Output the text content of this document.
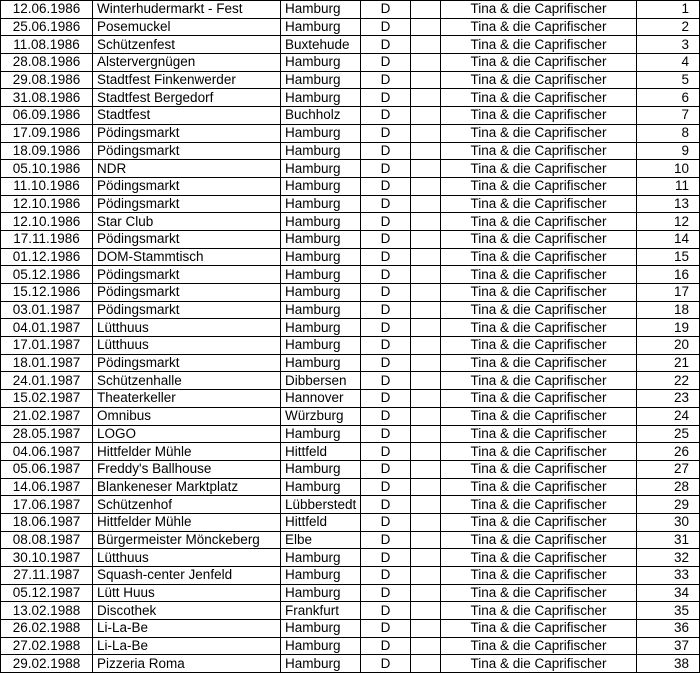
12.06.1986	Winterhudermarkt - Fest	Hamburg	D		Tina & die Caprifischer	1
25.06.1986	Posemuckel	Hamburg	D		Tina & die Caprifischer	2
11.08.1986	Schützenfest	Buxtehude	D		Tina & die Caprifischer	3
28.08.1986	Alstervergnügen	Hamburg	D		Tina & die Caprifischer	4
29.08.1986	Stadtfest Finkenwerder	Hamburg	D		Tina & die Caprifischer	5
31.08.1986	Stadtfest Bergedorf	Hamburg	D		Tina & die Caprifischer	6
06.09.1986	Stadtfest	Buchholz	D		Tina & die Caprifischer	7
17.09.1986	Pödingsmarkt	Hamburg	D		Tina & die Caprifischer	8
18.09.1986	Pödingsmarkt	Hamburg	D		Tina & die Caprifischer	9
05.10.1986	NDR	Hamburg	D		Tina & die Caprifischer	10
11.10.1986	Pödingsmarkt	Hamburg	D		Tina & die Caprifischer	11
12.10.1986	Pödingsmarkt	Hamburg	D		Tina & die Caprifischer	13
12.10.1986	Star Club	Hamburg	D		Tina & die Caprifischer	12
17.11.1986	Pödingsmarkt	Hamburg	D		Tina & die Caprifischer	14
01.12.1986	DOM-Stammtisch	Hamburg	D		Tina & die Caprifischer	15
05.12.1986	Pödingsmarkt	Hamburg	D		Tina & die Caprifischer	16
15.12.1986	Pödingsmarkt	Hamburg	D		Tina & die Caprifischer	17
03.01.1987	Pödingsmarkt	Hamburg	D		Tina & die Caprifischer	18
04.01.1987	Lütthuus	Hamburg	D		Tina & die Caprifischer	19
17.01.1987	Lütthuus	Hamburg	D		Tina & die Caprifischer	20
18.01.1987	Pödingsmarkt	Hamburg	D		Tina & die Caprifischer	21
24.01.1987	Schützenhalle	Dibbersen	D		Tina & die Caprifischer	22
15.02.1987	Theaterkeller	Hannover	D		Tina & die Caprifischer	23
21.02.1987	Omnibus	Würzburg	D		Tina & die Caprifischer	24
28.05.1987	LOGO	Hamburg	D		Tina & die Caprifischer	25
04.06.1987	Hittfelder Mühle	Hittfeld	D		Tina & die Caprifischer	26
05.06.1987	Freddy's Ballhouse	Hamburg	D		Tina & die Caprifischer	27
14.06.1987	Blankeneser Marktplatz	Hamburg	D		Tina & die Caprifischer	28
17.06.1987	Schützenhof	Lübberstedt	D		Tina & die Caprifischer	29
18.06.1987	Hittfelder Mühle	Hittfeld	D		Tina & die Caprifischer	30
08.08.1987	Bürgermeister Mönckeberg	Elbe	D		Tina & die Caprifischer	31
30.10.1987	Lütthuus	Hamburg	D		Tina & die Caprifischer	32
27.11.1987	Squash-center Jenfeld	Hamburg	D		Tina & die Caprifischer	33
05.12.1987	Lütt Huus	Hamburg	D		Tina & die Caprifischer	34
13.02.1988	Discothek	Frankfurt	D		Tina & die Caprifischer	35
26.02.1988	Li-La-Be	Hamburg	D		Tina & die Caprifischer	36
27.02.1988	Li-La-Be	Hamburg	D		Tina & die Caprifischer	37
29.02.1988	Pizzeria Roma	Hamburg	D		Tina & die Caprifischer	38
